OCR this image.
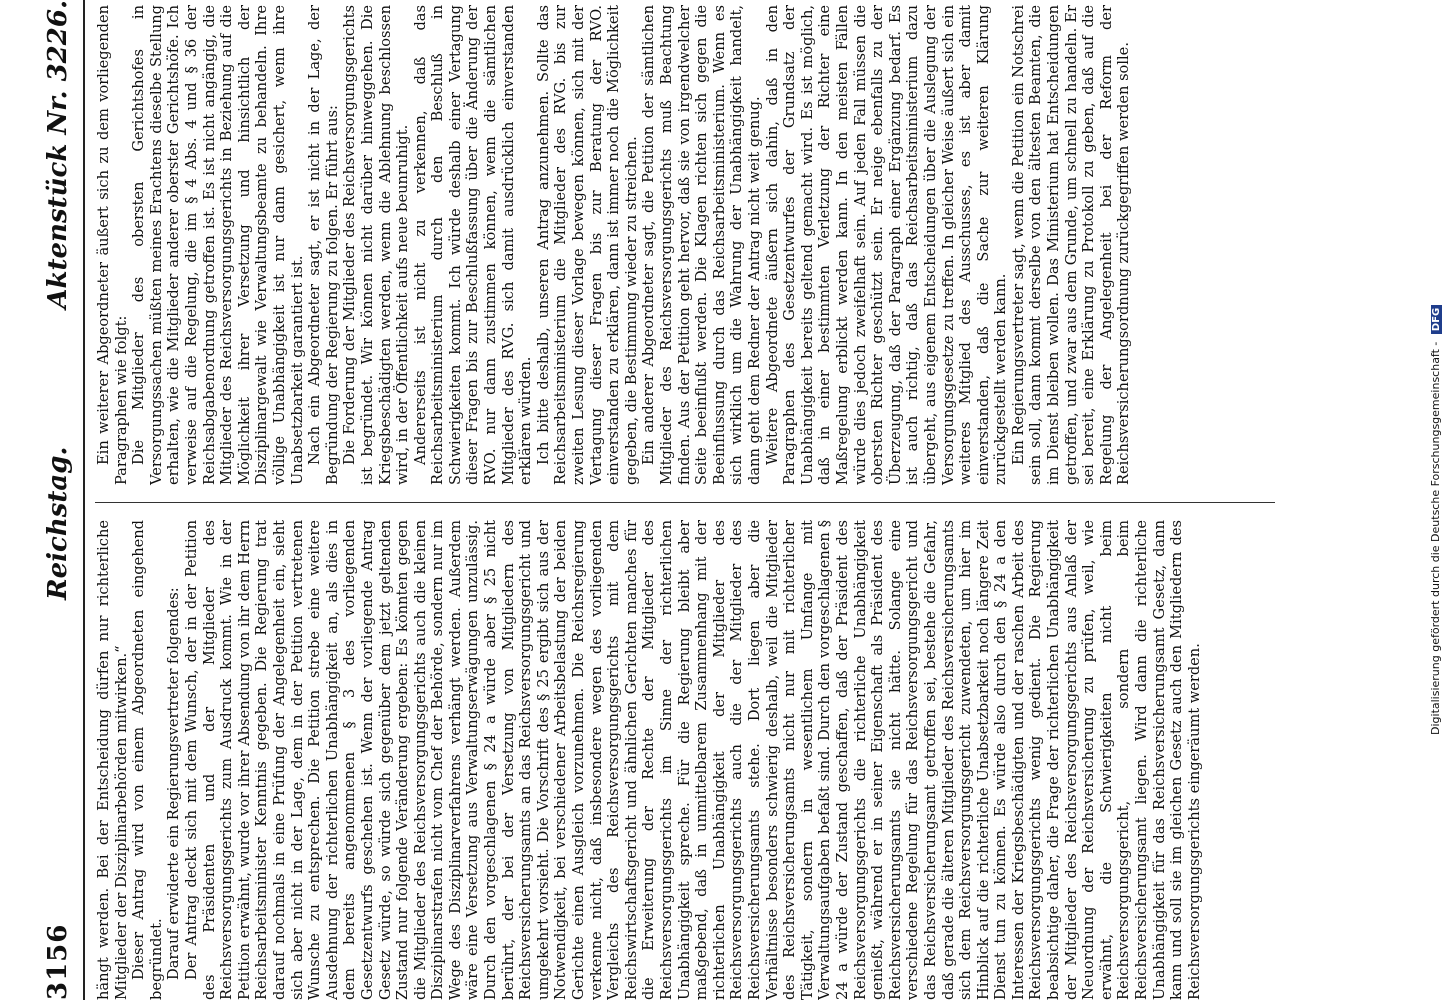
3156
Reichstag.
Aktenstück Nr. 3226.

hängt werden. Bei der Entscheidung dürfen nur richterliche Mitglieder der Disziplinarbehörden mitwirken.“ Dieser Antrag wird von einem Abgeordneten eingehend begründet. Darauf erwiderte ein Regierungsvertreter folgendes: Der Antrag deckt sich mit dem Wunsch, der in der Petition des Präsidenten und der Mitglieder des Reichsversorgungsgerichts zum Ausdruck kommt. Wie in der Petition erwähnt, wurde vor ihrer Absendung von ihr dem Herrn Reichsarbeitsminister Kenntnis gegeben. Die Regierung trat darauf nochmals in eine Prüfung der Angelegenheit ein, sieht sich aber nicht in der Lage, dem in der Petition vertretenen Wunsche zu entsprechen. Die Petition strebe eine weitere Ausdehnung der richterlichen Unabhängigkeit an, als dies in dem bereits angenommenen § 3 des vorliegenden Gesetzentwurfs geschehen ist. Wenn der vorliegende Antrag Gesetz würde, so würde sich gegenüber dem jetzt geltenden Zustand nur folgende Veränderung ergeben: Es könnten gegen die Mitglieder des Reichsversorgungsgerichts auch die kleinen Disziplinarstrafen nicht vom Chef der Behörde, sondern nur im Wege des Disziplinarverfahrens verhängt werden. Außerdem wäre eine Versetzung aus Verwaltungserwägungen unzulässig. Durch den vorgeschlagenen § 24 a würde aber § 25 nicht berührt, der bei der Versetzung von Mitgliedern des Reichsversicherungsamts an das Reichsversorgungsgericht und umgekehrt vorsieht. Die Vorschrift des § 25 ergibt sich aus der Notwendigkeit, bei verschiedener Arbeitsbelastung der beiden Gerichte einen Ausgleich vorzunehmen. Die Reichsregierung verkenne nicht, daß insbesondere wegen des vorliegenden Vergleichs des Reichsversorgungsgerichts mit dem Reichswirtschaftsgericht und ähnlichen Gerichten manches für die Erweiterung der Rechte der Mitglieder des Reichsversorgungsgerichts im Sinne der richterlichen Unabhängigkeit spreche. Für die Regierung bleibt aber maßgebend, daß in unmittelbarem Zusammenhang mit der richterlichen Unabhängigkeit der Mitglieder des Reichsversorgungsgerichts auch die der Mitglieder des Reichsversicherungsamts stehe. Dort liegen aber die Verhältnisse besonders schwierig deshalb, weil die Mitglieder des Reichsversicherungsamts nicht nur mit richterlicher Tätigkeit, sondern in wesentlichem Umfange mit Verwaltungsaufgaben befaßt sind. Durch den vorgeschlagenen § 24 a würde der Zustand geschaffen, daß der Präsident des Reichsversorgungsgerichts die richterliche Unabhängigkeit genießt, während er in seiner Eigenschaft als Präsident des Reichsversicherungsamts sie nicht hätte. Solange eine verschiedene Regelung für das Reichsversorgungsgericht und das Reichsversicherungsamt getroffen sei, bestehe die Gefahr, daß gerade die älteren Mitglieder des Reichsversicherungsamts sich dem Reichsversorgungsgericht zuwendeten, um hier im Hinblick auf die richterliche Unabsetzbarkeit noch längere Zeit Dienst tun zu können. Es würde also durch den § 24 a den Interessen der Kriegsbeschädigten und der raschen Arbeit des Reichsversorgungsgerichts wenig gedient. Die Regierung beabsichtige daher, die Frage der richterlichen Unabhängigkeit der Mitglieder des Reichsversorgungsgerichts aus Anlaß der Neuordnung der Reichsversicherung zu prüfen, weil, wie erwähnt, die Schwierigkeiten nicht beim Reichsversorgungsgericht, sondern beim Reichsversicherungsamt liegen. Wird dann die richterliche Unabhängigkeit für das Reichsversicherungsamt Gesetz, dann kann und soll sie im gleichen Gesetz auch den Mitgliedern des Reichsversorgungsgerichts eingeräumt werden.

Ein weiterer Abgeordneter äußert sich zu dem vorliegenden Paragraphen wie folgt: Die Mitglieder des obersten Gerichtshofes in Versorgungssachen müßten meines Erachtens dieselbe Stellung erhalten, wie die Mitglieder anderer oberster Gerichtshöfe. Ich verweise auf die Regelung, die im § 4 Abs. 4 und § 36 der Reichsabgabenordnung getroffen ist. Es ist nicht angängig, die Mitglieder des Reichsversorgungsgerichts in Beziehung auf die Möglichkeit ihrer Versetzung und hinsichtlich der Disziplinargewalt wie Verwaltungsbeamte zu behandeln. Ihre völlige Unabhängigkeit ist nur dann gesichert, wenn ihre Unabsetzbarkeit garantiert ist. Nach ein Abgeordneter sagt, er ist nicht in der Lage, der Begründung der Regierung zu folgen. Er führt aus: Die Forderung der Mitglieder des Reichsversorgungsgerichts ist begründet. Wir können nicht darüber hinweggehen. Die Kriegsbeschädigten werden, wenn die Ablehnung beschlossen wird, in der Öffentlichkeit aufs neue beunruhigt. Andererseits ist nicht zu verkennen, daß das Reichsarbeitsministerium durch den Beschluß in Schwierigkeiten kommt. Ich würde deshalb einer Vertagung dieser Fragen bis zur Beschlußfassung über die Änderung der RVO. nur dann zustimmen können, wenn die sämtlichen Mitglieder des RVG. sich damit ausdrücklich einverstanden erklären würden. Ich bitte deshalb, unseren Antrag anzunehmen. Sollte das Reichsarbeitsministerium die Mitglieder des RVG. bis zur zweiten Lesung dieser Vorlage bewegen können, sich mit der Vertagung dieser Fragen bis zur Beratung der RVO. einverstanden zu erklären, dann ist immer noch die Möglichkeit gegeben, die Bestimmung wieder zu streichen. Ein anderer Abgeordneter sagt, die Petition der sämtlichen Mitglieder des Reichsversorgungsgerichts muß Beachtung finden. Aus der Petition geht hervor, daß sie von irgendwelcher Seite beeinflußt werden. Die Klagen richten sich gegen die Beeinflussung durch das Reichsarbeitsministerium. Wenn es sich wirklich um die Wahrung der Unabhängigkeit handelt, dann geht dem Redner der Antrag nicht weit genug. Weitere Abgeordnete äußern sich dahin, daß in den Paragraphen des Gesetzentwurfes der Grundsatz der Unabhängigkeit bereits geltend gemacht wird. Es ist möglich, daß in einer bestimmten Verletzung der Richter eine Maßregelung erblickt werden kann. In den meisten Fällen würde dies jedoch zweifelhaft sein. Auf jeden Fall müssen die obersten Richter geschützt sein. Er neige ebenfalls zu der Überzeugung, daß der Paragraph einer Ergänzung bedarf. Es ist auch richtig, daß das Reichsarbeitsministerium dazu übergeht, aus eigenem Entscheidungen über die Auslegung der Versorgungsgesetze zu treffen. In gleicher Weise äußert sich ein weiteres Mitglied des Ausschusses, es ist aber damit einverstanden, daß die Sache zur weiteren Klärung zurückgestellt werden kann. Ein Regierungsvertreter sagt, wenn die Petition ein Notschrei sein soll, dann kommt derselbe von den ältesten Beamten, die im Dienst bleiben wollen. Das Ministerium hat Entscheidungen getroffen, und zwar aus dem Grunde, um schnell zu handeln. Er sei bereit, eine Erklärung zu Protokoll zu geben, daß auf die Regelung der Angelegenheit bei der Reform der Reichsversicherungsordnung zurückgegriffen werden solle.

Digitalisierung gefördert durch die Deutsche Forschungsgemeinschaft - DFG
